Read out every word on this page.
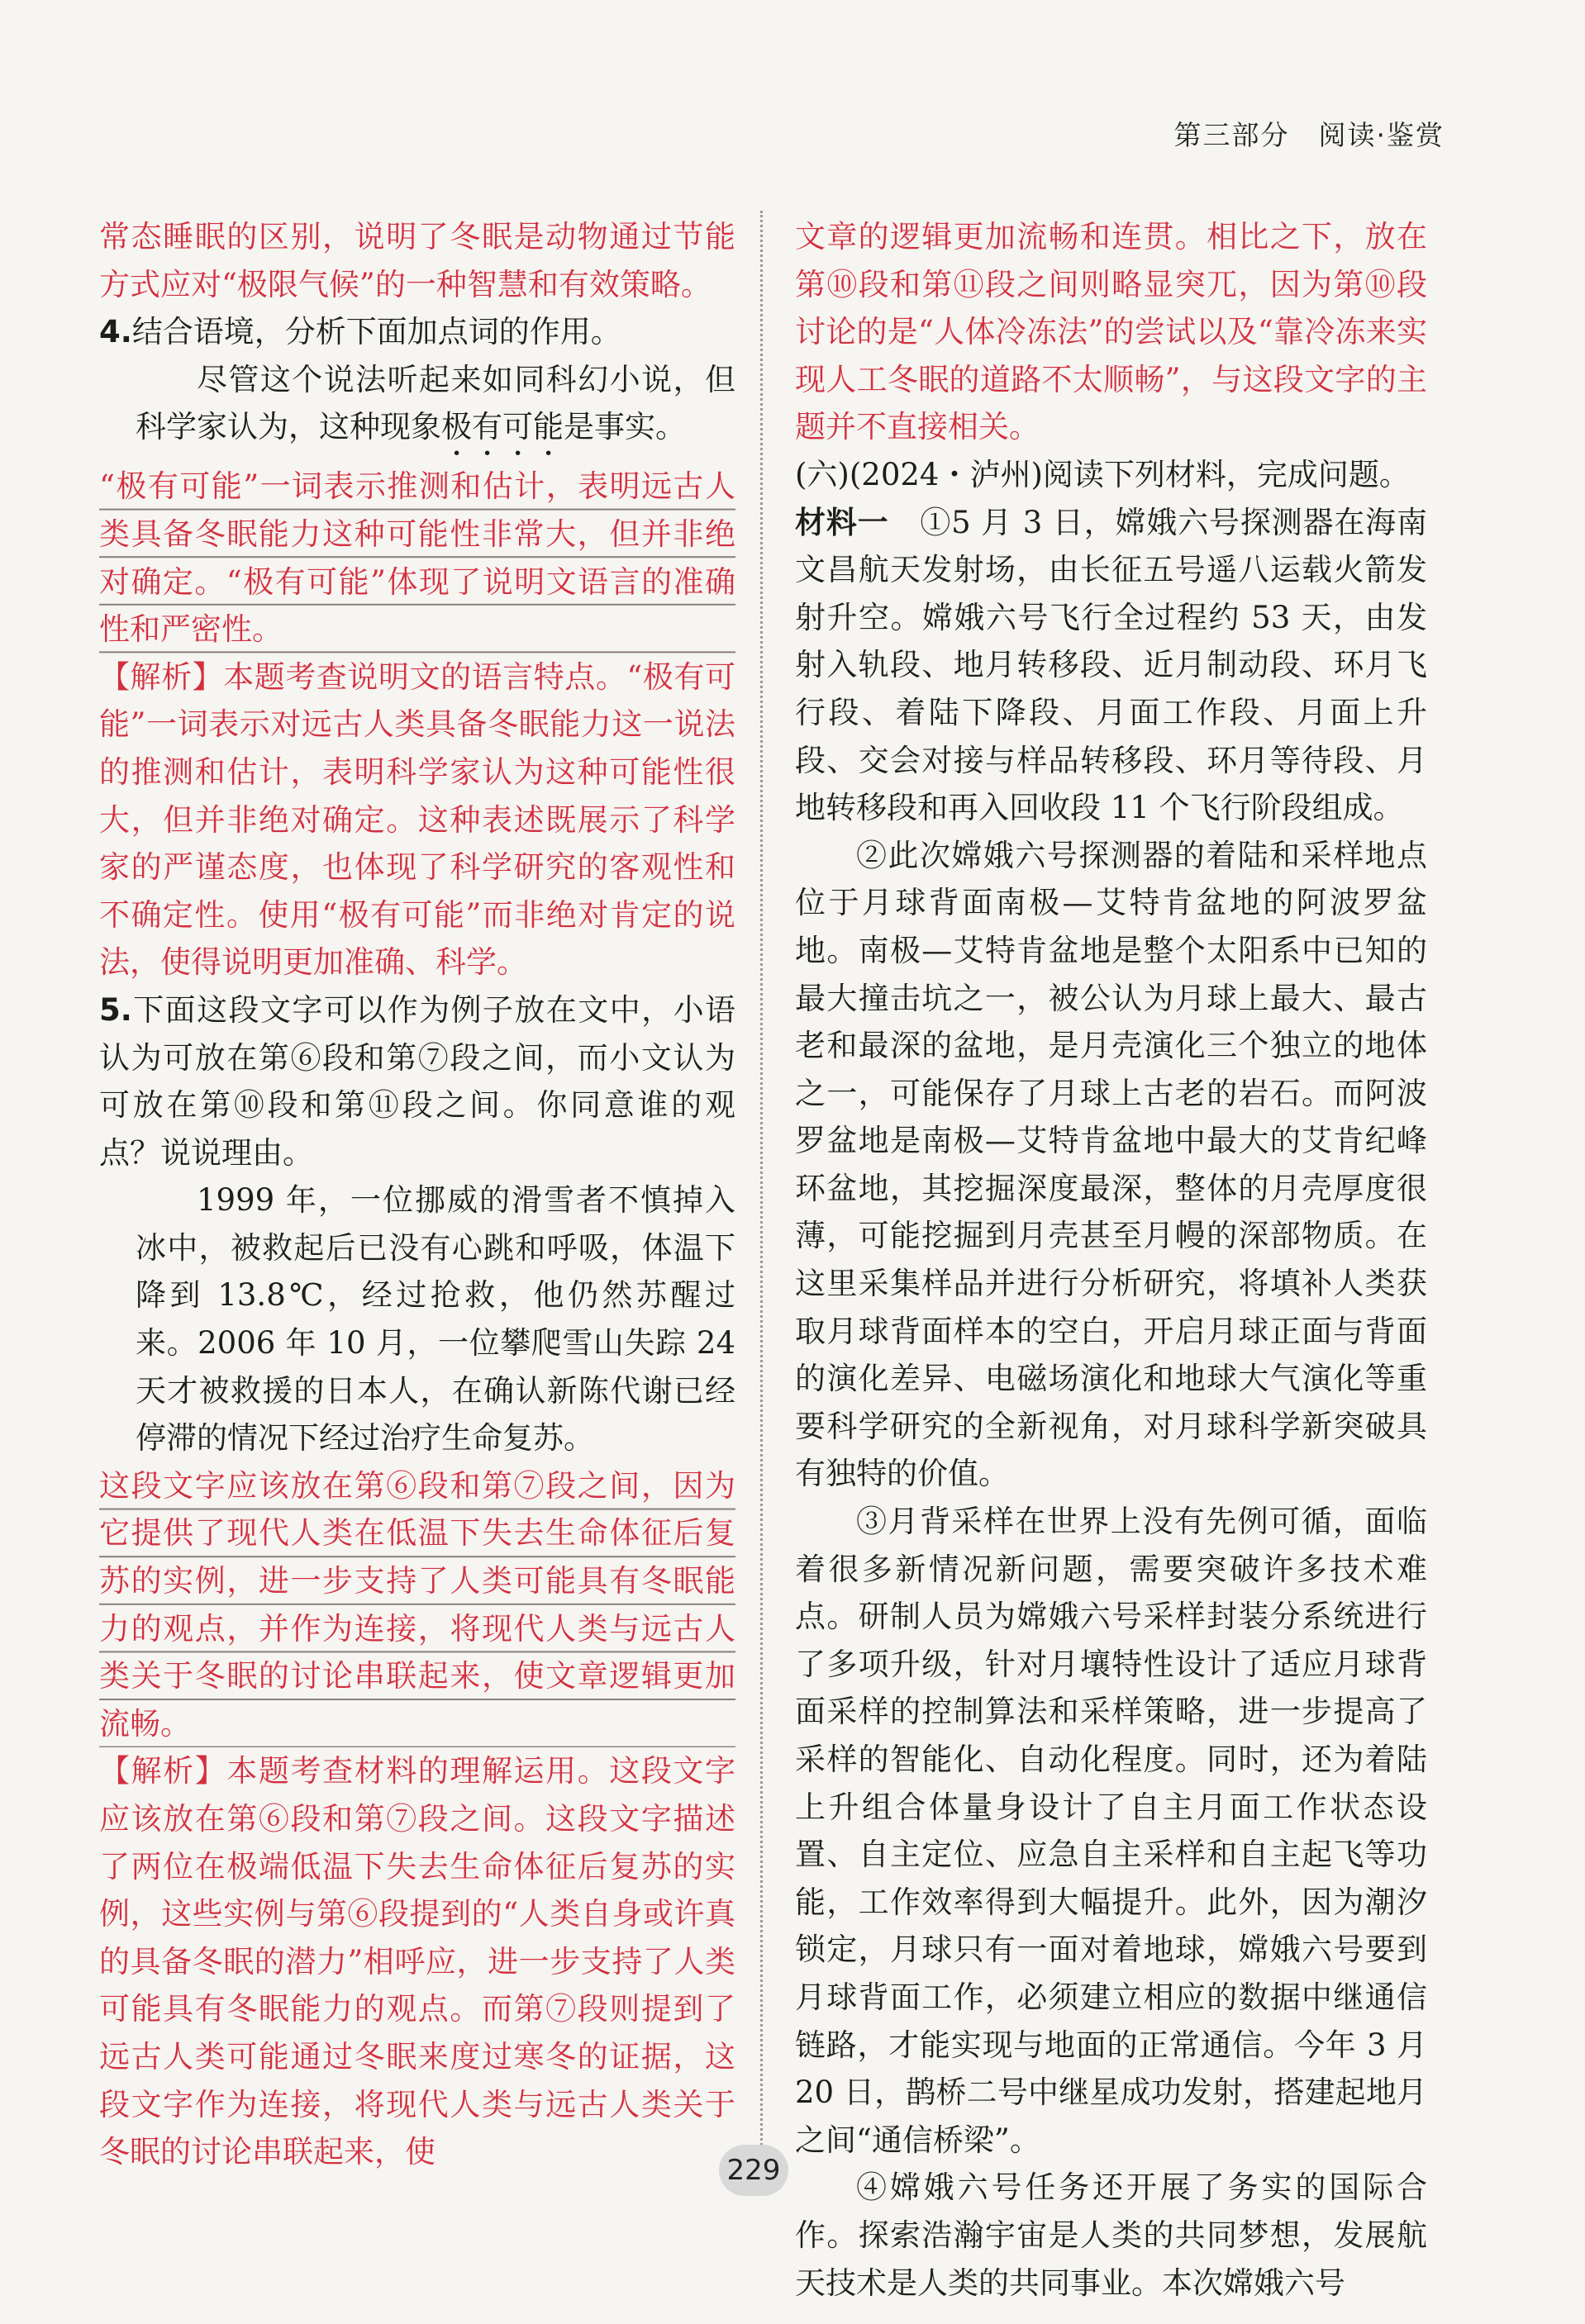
第三部分　阅读·鉴赏

常态睡眠的区别，说明了冬眠是动物通过节能方式应对“极限气候”的一种智慧和有效策略。

4.结合语境，分析下面加点词的作用。

尽管这个说法听起来如同科幻小说，但科学家认为，这种现象极有可能是事实。

“极有可能”一词表示推测和估计，表明远古人类具备冬眠能力这种可能性非常大，但并非绝对确定。“极有可能”体现了说明文语言的准确性和严密性。

【解析】本题考查说明文的语言特点。“极有可能”一词表示对远古人类具备冬眠能力这一说法的推测和估计，表明科学家认为这种可能性很大，但并非绝对确定。这种表述既展示了科学家的严谨态度，也体现了科学研究的客观性和不确定性。使用“极有可能”而非绝对肯定的说法，使得说明更加准确、科学。

5.下面这段文字可以作为例子放在文中，小语认为可放在第⑥段和第⑦段之间，而小文认为可放在第⑩段和第⑪段之间。你同意谁的观点？说说理由。

1999 年，一位挪威的滑雪者不慎掉入冰中，被救起后已没有心跳和呼吸，体温下降到 13.8℃，经过抢救，他仍然苏醒过来。2006 年 10 月，一位攀爬雪山失踪 24 天才被救援的日本人，在确认新陈代谢已经停滞的情况下经过治疗生命复苏。

这段文字应该放在第⑥段和第⑦段之间，因为它提供了现代人类在低温下失去生命体征后复苏的实例，进一步支持了人类可能具有冬眠能力的观点，并作为连接，将现代人类与远古人类关于冬眠的讨论串联起来，使文章逻辑更加流畅。

【解析】本题考查材料的理解运用。这段文字应该放在第⑥段和第⑦段之间。这段文字描述了两位在极端低温下失去生命体征后复苏的实例，这些实例与第⑥段提到的“人类自身或许真的具备冬眠的潜力”相呼应，进一步支持了人类可能具有冬眠能力的观点。而第⑦段则提到了远古人类可能通过冬眠来度过寒冬的证据，这段文字作为连接，将现代人类与远古人类关于冬眠的讨论串联起来，使

文章的逻辑更加流畅和连贯。相比之下，放在第⑩段和第⑪段之间则略显突兀，因为第⑩段讨论的是“人体冷冻法”的尝试以及“靠冷冻来实现人工冬眠的道路不太顺畅”，与这段文字的主题并不直接相关。

(六)(2024・泸州)阅读下列材料，完成问题。

材料一　 ①5 月 3 日，嫦娥六号探测器在海南文昌航天发射场，由长征五号遥八运载火箭发射升空。嫦娥六号飞行全过程约 53 天，由发射入轨段、地月转移段、近月制动段、环月飞行段、着陆下降段、月面工作段、月面上升段、交会对接与样品转移段、环月等待段、月地转移段和再入回收段 11 个飞行阶段组成。

②此次嫦娥六号探测器的着陆和采样地点位于月球背面南极—艾特肯盆地的阿波罗盆地。南极—艾特肯盆地是整个太阳系中已知的最大撞击坑之一，被公认为月球上最大、最古老和最深的盆地，是月壳演化三个独立的地体之一，可能保存了月球上古老的岩石。而阿波罗盆地是南极—艾特肯盆地中最大的艾肯纪峰环盆地，其挖掘深度最深，整体的月壳厚度很薄，可能挖掘到月壳甚至月幔的深部物质。在这里采集样品并进行分析研究，将填补人类获取月球背面样本的空白，开启月球正面与背面的演化差异、电磁场演化和地球大气演化等重要科学研究的全新视角，对月球科学新突破具有独特的价值。

③月背采样在世界上没有先例可循，面临着很多新情况新问题，需要突破许多技术难点。研制人员为嫦娥六号采样封装分系统进行了多项升级，针对月壤特性设计了适应月球背面采样的控制算法和采样策略，进一步提高了采样的智能化、自动化程度。同时，还为着陆上升组合体量身设计了自主月面工作状态设置、自主定位、应急自主采样和自主起飞等功能，工作效率得到大幅提升。此外，因为潮汐锁定，月球只有一面对着地球，嫦娥六号要到月球背面工作，必须建立相应的数据中继通信链路，才能实现与地面的正常通信。今年 3 月 20 日，鹊桥二号中继星成功发射，搭建起地月之间“通信桥梁”。

④嫦娥六号任务还开展了务实的国际合作。探索浩瀚宇宙是人类的共同梦想，发展航天技术是人类的共同事业。本次嫦娥六号

229
